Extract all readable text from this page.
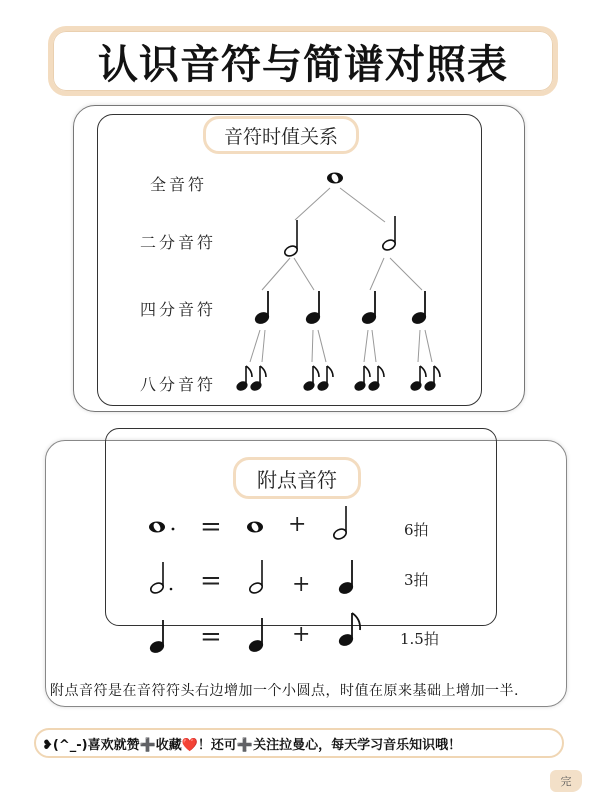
认识音符与简谱对照表
音符时值关系
全音符
二分音符
四分音符
八分音符
附点音符
=	+	6拍
=	+	3拍
=	+	1.5拍
附点音符是在音符符头右边增加一个小圆点，时值在原来基础上增加一半.
❥(^_-)喜欢就赞➕收藏❤️！还可➕关注拉曼心，每天学习音乐知识哦！
完
